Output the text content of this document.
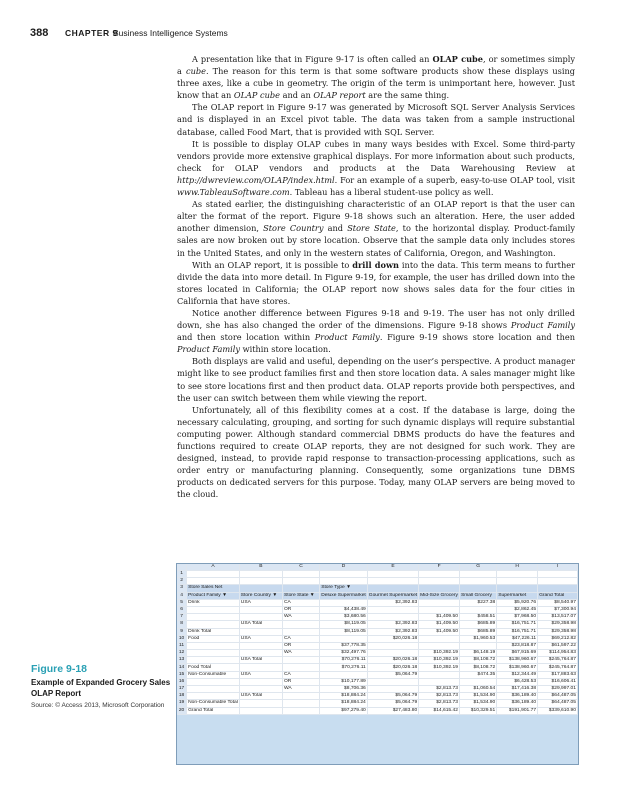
388 CHAPTER 9
Business Intelligence Systems

A presentation like that in Figure 9-17 is often called an OLAP cube, or sometimes simply a cube. The reason for this term is that some software products show these displays using three axes, like a cube in geometry. The origin of the term is unimportant here, however. Just know that an OLAP cube and an OLAP report are the same thing.

The OLAP report in Figure 9-17 was generated by Microsoft SQL Server Analysis Services and is displayed in an Excel pivot table. The data was taken from a sample instructional database, called Food Mart, that is provided with SQL Server.

It is possible to display OLAP cubes in many ways besides with Excel. Some third-party vendors provide more extensive graphical displays. For more information about such products, check for OLAP vendors and products at the Data Warehousing Review at http://dwreview.com/OLAP/index.html. For an example of a superb, easy-to-use OLAP tool, visit www.TableauSoftware.com. Tableau has a liberal student-use policy as well.

As stated earlier, the distinguishing characteristic of an OLAP report is that the user can alter the format of the report. Figure 9-18 shows such an alteration. Here, the user added another dimension, Store Country and Store State, to the horizontal display. Product-family sales are now broken out by store location. Observe that the sample data only includes stores in the United States, and only in the western states of California, Oregon, and Washington.

With an OLAP report, it is possible to drill down into the data. This term means to further divide the data into more detail. In Figure 9-19, for example, the user has drilled down into the stores located in California; the OLAP report now shows sales data for the four cities in California that have stores.

Notice another difference between Figures 9-18 and 9-19. The user has not only drilled down, she has also changed the order of the dimensions. Figure 9-18 shows Product Family and then store location within Product Family. Figure 9-19 shows store location and then Product Family within store location.

Both displays are valid and useful, depending on the user’s perspective. A product manager might like to see product families first and then store location data. A sales manager might like to see store locations first and then product data. OLAP reports provide both perspectives, and the user can switch between them while viewing the report.

Unfortunately, all of this flexibility comes at a cost. If the database is large, doing the necessary calculating, grouping, and sorting for such dynamic displays will require substantial computing power. Although standard commercial DBMS products do have the features and functions required to create OLAP reports, they are not designed for such work. They are designed, instead, to provide rapid response to transaction-processing applications, such as order entry or manufacturing planning. Consequently, some organizations tune DBMS products on dedicated servers for this purpose. Today, many OLAP servers are being moved to the cloud.

	A	B	C	D	E	F	G	H	I
1									
2									
3	Store Sales Net			Store Type ▼					
4	Product Family ▼	Store Country ▼	Store State ▼	Deluxe Supermarket	Gourmet Supermarket	Mid-Size Grocery	Small Grocery	Supermarket	Grand Total
5	Drink	USA	CA		$2,392.83		$227.38	$5,920.76	$8,540.97
6			OR	$4,438.49				$2,862.45	$7,300.94
7			WA	$3,680.56		$1,409.50	$458.51	$7,968.50	$13,517.07
8		USA Total		$8,119.05	$2,392.83	$1,409.50	$685.89	$16,751.71	$29,358.98
9	Drink Total			$8,119.05	$2,392.83	$1,409.50	$685.89	$16,751.71	$29,358.98
10	Food	USA	CA		$20,026.18		$1,960.53	$47,226.11	$69,212.82
11			OR	$37,778.35				$23,818.87	$61,597.22
12			WA	$32,497.76		$10,392.19	$6,148.19	$67,915.69	$114,954.83
13		USA Total		$70,276.11	$20,026.18	$10,392.19	$8,108.72	$138,960.67	$245,764.87
14	Food Total			$70,276.11	$20,026.18	$10,392.19	$8,108.72	$138,960.67	$245,764.87
15	Non-Consumable	USA	CA		$5,064.79		$474.35	$12,344.49	$17,883.63
16			OR	$10,177.89				$6,428.53	$16,606.41
17			WA	$8,706.36		$2,813.73	$1,060.54	$17,416.38	$29,997.01
18		USA Total		$18,884.24	$5,064.79	$2,813.73	$1,534.90	$36,189.40	$64,487.05
19	Non-Consumable Total			$18,884.24	$5,064.79	$2,813.73	$1,534.90	$36,189.40	$64,487.05
20	Grand Total			$97,279.40	$27,483.80	$14,615.42	$10,329.51	$191,901.77	$339,610.90
Figure 9-18
Example of Expanded Grocery Sales OLAP Report
Source: © Access 2013, Microsoft Corporation
